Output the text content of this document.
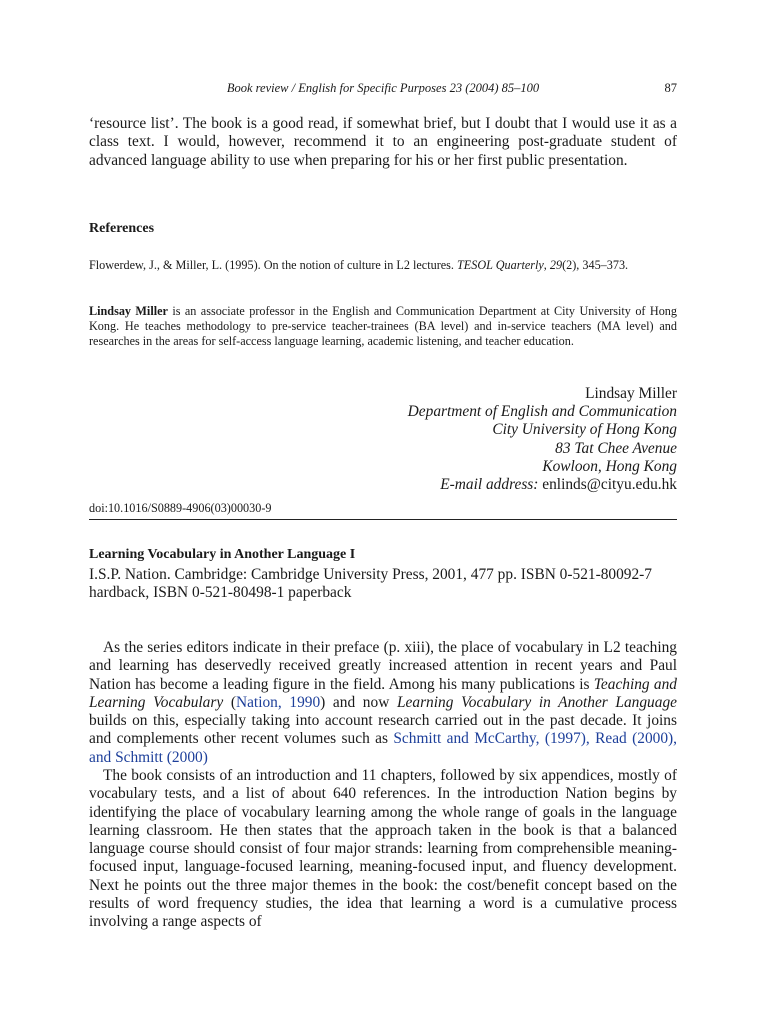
Book review / English for Specific Purposes 23 (2004) 85–100	87

‘resource list’. The book is a good read, if somewhat brief, but I doubt that I would use it as a class text. I would, however, recommend it to an engineering post-graduate student of advanced language ability to use when preparing for his or her first public presentation.

References

Flowerdew, J., & Miller, L. (1995). On the notion of culture in L2 lectures. TESOL Quarterly, 29(2), 345–373.

Lindsay Miller is an associate professor in the English and Communication Department at City University of Hong Kong. He teaches methodology to pre-service teacher-trainees (BA level) and in-service teachers (MA level) and researches in the areas for self-access language learning, academic listening, and teacher education.

Lindsay Miller
Department of English and Communication
City University of Hong Kong
83 Tat Chee Avenue
Kowloon, Hong Kong
E-mail address: enlinds@cityu.edu.hk
doi:10.1016/S0889-4906(03)00030-9
Learning Vocabulary in Another Language I

I.S.P. Nation. Cambridge: Cambridge University Press, 2001, 477 pp. ISBN 0-521-80092-7 hardback, ISBN 0-521-80498-1 paperback

As the series editors indicate in their preface (p. xiii), the place of vocabulary in L2 teaching and learning has deservedly received greatly increased attention in recent years and Paul Nation has become a leading figure in the field. Among his many publications is Teaching and Learning Vocabulary (Nation, 1990) and now Learning Vocabulary in Another Language builds on this, especially taking into account research carried out in the past decade. It joins and complements other recent volumes such as Schmitt and McCarthy, (1997), Read (2000), and Schmitt (2000)

The book consists of an introduction and 11 chapters, followed by six appendices, mostly of vocabulary tests, and a list of about 640 references. In the introduction Nation begins by identifying the place of vocabulary learning among the whole range of goals in the language learning classroom. He then states that the approach taken in the book is that a balanced language course should consist of four major strands: learning from comprehensible meaning-focused input, language-focused learning, meaning-focused input, and fluency development. Next he points out the three major themes in the book: the cost/benefit concept based on the results of word frequency studies, the idea that learning a word is a cumulative process involving a range aspects of
